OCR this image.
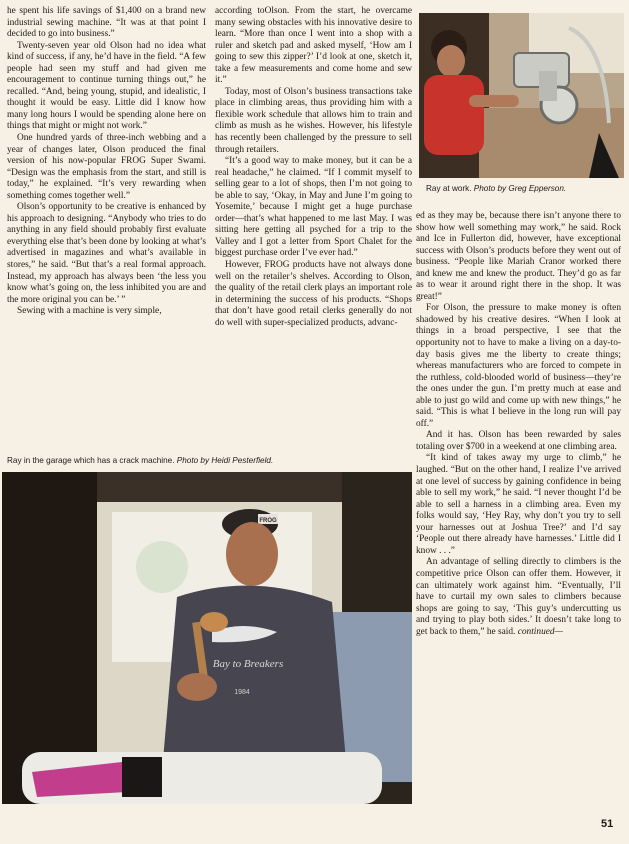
he spent his life savings of $1,400 on a brand new industrial sewing machine. “It was at that point I decided to go into business.”

Twenty-seven year old Olson had no idea what kind of success, if any, he’d have in the field. “A few people had seen my stuff and had given me encouragement to continue turning things out,” he recalled. “And, being young, stupid, and idealistic, I thought it would be easy. Little did I know how many long hours I would be spending alone here on things that might or might not work.”

One hundred yards of three-inch webbing and a year of changes later, Olson produced the final version of his now-popular FROG Super Swami. “Design was the emphasis from the start, and still is today,” he explained. “It’s very rewarding when something comes together well.”

Olson’s opportunity to be creative is enhanced by his approach to designing. “Anybody who tries to do anything in any field should probably first evaluate everything else that’s been done by looking at what’s advertised in magazines and what’s available in stores,” he said. “But that’s a real formal approach. Instead, my approach has always been ‘the less you know what’s going on, the less inhibited you are and the more original you can be.’ ”

Sewing with a machine is very simple,

according toOlson. From the start, he overcame many sewing obstacles with his innovative desire to learn. “More than once I went into a shop with a ruler and sketch pad and asked myself, ‘How am I going to sew this zipper?’ I’d look at one, sketch it, take a few measurements and come home and sew it.”

Today, most of Olson’s business transactions take place in climbing areas, thus providing him with a flexible work schedule that allows him to train and climb as mush as he wishes. However, his lifestyle has recently been challenged by the pressure to sell through retailers.

“It’s a good way to make money, but it can be a real headache,” he claimed. “If I commit myself to selling gear to a lot of shops, then I’m not going to be able to say, ‘Okay, in May and June I’m going to Yosemite,’ because I might get a huge purchase order—that’s what happened to me last May. I was sitting here getting all psyched for a trip to the Valley and I got a letter from Sport Chalet for the biggest purchase order I’ve ever had.”

However, FROG products have not always done well on the retailer’s shelves. According to Olson, the quality of the retail clerk plays an important role in determining the success of his products. “Shops that don’t have good retail clerks generally do not do well with super-specialized products, advanc-

Ray at work. Photo by Greg Epperson.

ed as they may be, because there isn’t anyone there to show how well something may work,” he said. Rock and Ice in Fullerton did, however, have exceptional success with Olson’s products before they went out of business. “People like Mariah Cranor worked there and knew me and knew the product. They’d go as far as to wear it around right there in the shop. It was great!”

For Olson, the pressure to make money is often shadowed by his creative desires. “When I look at things in a broad perspective, I see that the opportunity not to have to make a living on a day-to-day basis gives me the liberty to create things; whereas manufacturers who are forced to compete in the ruthless, cold-blooded world of business—they’re the ones under the gun. I’m pretty much at ease and able to just go wild and come up with new things,” he said. “This is what I believe in the long run will pay off.”

And it has. Olson has been rewarded by sales totaling over $700 in a weekend at one climbing area.

“It kind of takes away my urge to climb,” he laughed. “But on the other hand, I realize I’ve arrived at one level of success by gaining confidence in being able to sell my work,” he said. “I never thought I’d be able to sell a harness in a climbing area. Even my folks would say, ‘Hey Ray, why don’t you try to sell your harnesses out at Joshua Tree?’ and I’d say ‘People out there already have harnesses.’ Little did I know . . .”

An advantage of selling directly to climbers is the competitive price Olson can offer them. However, it can ultimately work against him. “Eventually, I’ll have to curtail my own sales to climbers because shops are going to say, ‘This guy’s undercutting us and trying to play both sides.’ It doesn’t take long to get back to them,” he said. continued—

Ray in the garage which has a crack machine. Photo by Heidi Pesterfield.
FROG
Bay to Breakers
1984
51
